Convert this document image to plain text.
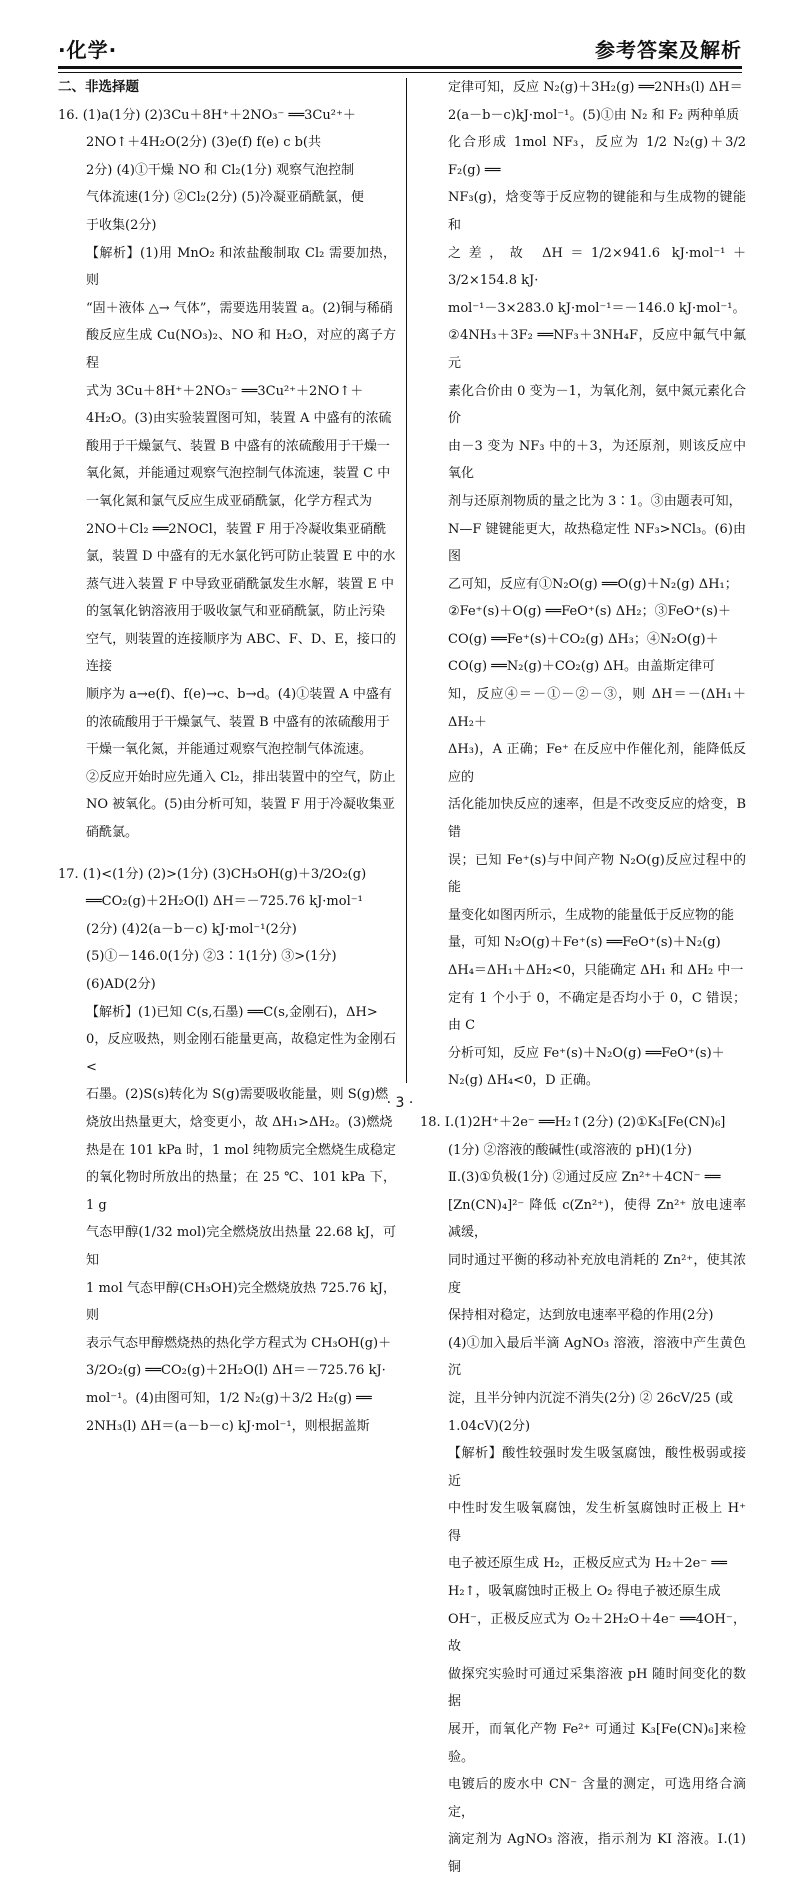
·化学·	参考答案及解析

二、非选择题

16. (1)a(1分) (2)3Cu＋8H⁺＋2NO₃⁻ ══3Cu²⁺＋

2NO↑＋4H₂O(2分) (3)e(f) f(e) c b(共

2分) (4)①干燥 NO 和 Cl₂(1分) 观察气泡控制

气体流速(1分) ②Cl₂(2分) (5)冷凝亚硝酰氯，便

于收集(2分)

【解析】(1)用 MnO₂ 和浓盐酸制取 Cl₂ 需要加热，则

“固＋液体 △→ 气体”，需要选用装置 a。(2)铜与稀硝

酸反应生成 Cu(NO₃)₂、NO 和 H₂O，对应的离子方程

式为 3Cu＋8H⁺＋2NO₃⁻ ══3Cu²⁺＋2NO↑＋

4H₂O。(3)由实验装置图可知，装置 A 中盛有的浓硫

酸用于干燥氯气、装置 B 中盛有的浓硫酸用于干燥一

氧化氮，并能通过观察气泡控制气体流速，装置 C 中

一氧化氮和氯气反应生成亚硝酰氯，化学方程式为

2NO＋Cl₂ ══2NOCl，装置 F 用于冷凝收集亚硝酰

氯，装置 D 中盛有的无水氯化钙可防止装置 E 中的水

蒸气进入装置 F 中导致亚硝酰氯发生水解，装置 E 中

的氢氧化钠溶液用于吸收氯气和亚硝酰氯，防止污染

空气，则装置的连接顺序为 ABC、F、D、E，接口的连接

顺序为 a→e(f)、f(e)→c、b→d。(4)①装置 A 中盛有

的浓硫酸用于干燥氯气、装置 B 中盛有的浓硫酸用于

干燥一氧化氮，并能通过观察气泡控制气体流速。

②反应开始时应先通入 Cl₂，排出装置中的空气，防止

NO 被氧化。(5)由分析可知，装置 F 用于冷凝收集亚

硝酰氯。

17. (1)<(1分) (2)>(1分) (3)CH₃OH(g)＋3/2O₂(g)

══CO₂(g)＋2H₂O(l) ΔH＝－725.76 kJ·mol⁻¹

(2分) (4)2(a－b－c) kJ·mol⁻¹(2分)

(5)①－146.0(1分) ②3∶1(1分) ③>(1分)

(6)AD(2分)

【解析】(1)已知 C(s,石墨) ══C(s,金刚石)，ΔH>

0，反应吸热，则金刚石能量更高，故稳定性为金刚石<

石墨。(2)S(s)转化为 S(g)需要吸收能量，则 S(g)燃

烧放出热量更大，焓变更小，故 ΔH₁>ΔH₂。(3)燃烧

热是在 101 kPa 时，1 mol 纯物质完全燃烧生成稳定

的氧化物时所放出的热量；在 25 ℃、101 kPa 下，1 g

气态甲醇(1/32 mol)完全燃烧放出热量 22.68 kJ，可知

1 mol 气态甲醇(CH₃OH)完全燃烧放热 725.76 kJ，则

表示气态甲醇燃烧热的热化学方程式为 CH₃OH(g)＋

3/2O₂(g) ══CO₂(g)＋2H₂O(l) ΔH＝－725.76 kJ·

mol⁻¹。(4)由图可知，1/2 N₂(g)＋3/2 H₂(g) ══

2NH₃(l) ΔH＝(a－b－c) kJ·mol⁻¹，则根据盖斯

定律可知，反应 N₂(g)＋3H₂(g) ══2NH₃(l) ΔH＝

2(a－b－c)kJ·mol⁻¹。(5)①由 N₂ 和 F₂ 两种单质

化合形成 1mol NF₃，反应为 1/2 N₂(g)＋3/2 F₂(g) ══

NF₃(g)，焓变等于反应物的键能和与生成物的键能和

之差，故 ΔH＝1/2×941.6 kJ·mol⁻¹＋3/2×154.8 kJ·

mol⁻¹－3×283.0 kJ·mol⁻¹＝－146.0 kJ·mol⁻¹。

②4NH₃＋3F₂ ══NF₃＋3NH₄F，反应中氟气中氟元

素化合价由 0 变为－1，为氧化剂，氨中氮元素化合价

由－3 变为 NF₃ 中的＋3，为还原剂，则该反应中氧化

剂与还原剂物质的量之比为 3∶1。③由题表可知，

N—F 键键能更大，故热稳定性 NF₃>NCl₃。(6)由图

乙可知，反应有①N₂O(g) ══O(g)＋N₂(g) ΔH₁；

②Fe⁺(s)＋O(g) ══FeO⁺(s) ΔH₂；③FeO⁺(s)＋

CO(g) ══Fe⁺(s)＋CO₂(g) ΔH₃；④N₂O(g)＋

CO(g) ══N₂(g)＋CO₂(g) ΔH。由盖斯定律可

知，反应④＝－①－②－③，则 ΔH＝－(ΔH₁＋ΔH₂＋

ΔH₃)，A 正确；Fe⁺ 在反应中作催化剂，能降低反应的

活化能加快反应的速率，但是不改变反应的焓变，B 错

误；已知 Fe⁺(s)与中间产物 N₂O(g)反应过程中的能

量变化如图丙所示，生成物的能量低于反应物的能

量，可知 N₂O(g)＋Fe⁺(s) ══FeO⁺(s)＋N₂(g)

ΔH₄＝ΔH₁＋ΔH₂<0，只能确定 ΔH₁ 和 ΔH₂ 中一

定有 1 个小于 0，不确定是否均小于 0，C 错误；由 C

分析可知，反应 Fe⁺(s)＋N₂O(g) ══FeO⁺(s)＋

N₂(g) ΔH₄<0，D 正确。

18. Ⅰ.(1)2H⁺＋2e⁻ ══H₂↑(2分) (2)①K₃[Fe(CN)₆]

(1分) ②溶液的酸碱性(或溶液的 pH)(1分)

Ⅱ.(3)①负极(1分) ②通过反应 Zn²⁺＋4CN⁻ ══

[Zn(CN)₄]²⁻ 降低 c(Zn²⁺)，使得 Zn²⁺ 放电速率减缓，

同时通过平衡的移动补充放电消耗的 Zn²⁺，使其浓度

保持相对稳定，达到放电速率平稳的作用(2分)

(4)①加入最后半滴 AgNO₃ 溶液，溶液中产生黄色沉

淀，且半分钟内沉淀不消失(2分) ② 26cV/25 (或

1.04cV)(2分)

【解析】酸性较强时发生吸氢腐蚀，酸性极弱或接近

中性时发生吸氧腐蚀，发生析氢腐蚀时正极上 H⁺ 得

电子被还原生成 H₂，正极反应式为 H₂＋2e⁻ ══

H₂↑，吸氧腐蚀时正极上 O₂ 得电子被还原生成

OH⁻，正极反应式为 O₂＋2H₂O＋4e⁻ ══4OH⁻，故

做探究实验时可通过采集溶液 pH 随时间变化的数据

展开，而氧化产物 Fe²⁺ 可通过 K₃[Fe(CN)₆]来检验。

电镀后的废水中 CN⁻ 含量的测定，可选用络合滴定，

滴定剂为 AgNO₃ 溶液，指示剂为 KI 溶液。Ⅰ.(1)铜

· 3 ·
